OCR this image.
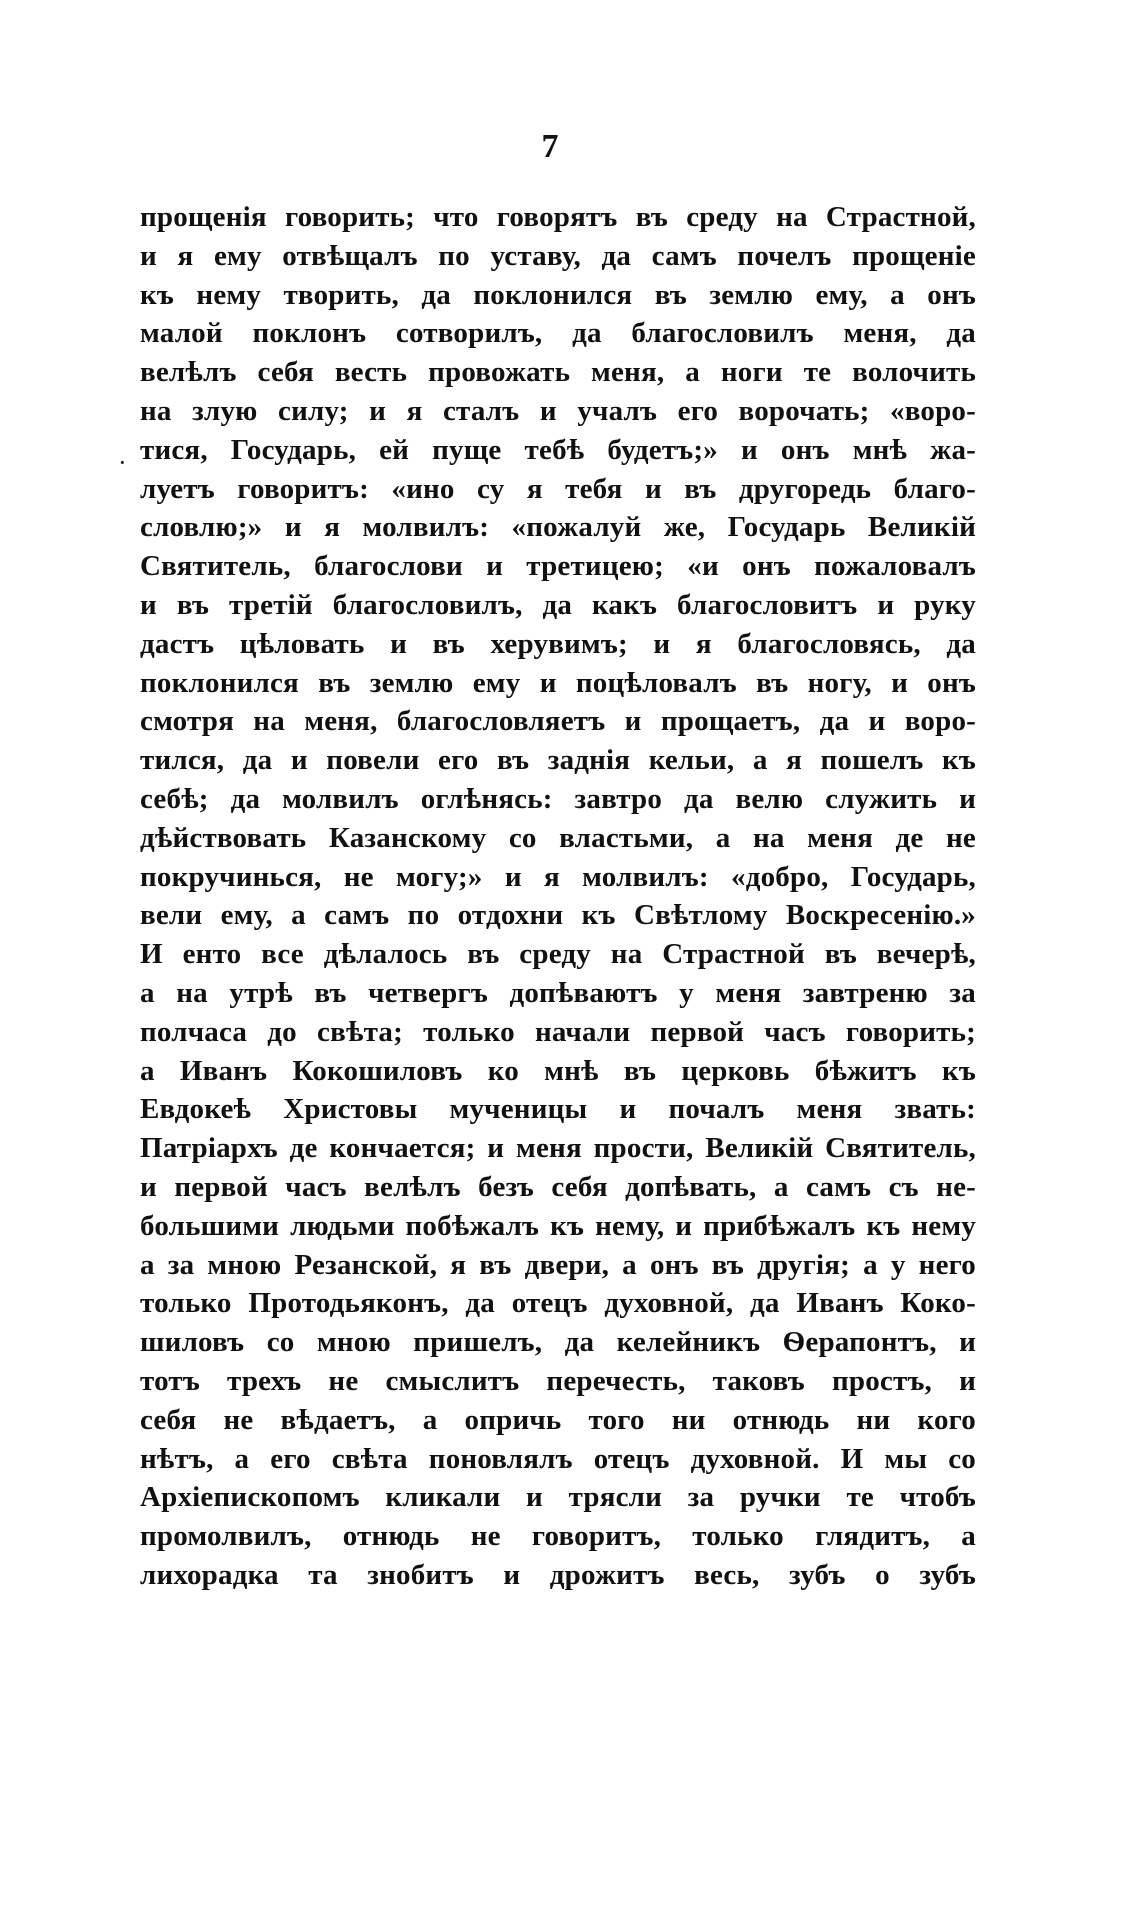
7
·
прощенія говорить; что говорятъ въ среду на Страстной,
и я ему отвѣщалъ по уставу, да самъ почелъ прощеніе
къ нему творить, да поклонился въ землю ему, а онъ
малой поклонъ сотворилъ, да благословилъ меня, да
велѣлъ себя весть провожать меня, а ноги те волочить
на злую силу; и я сталъ и учалъ его ворочать; «воро-
тися, Государь, ей пуще тебѣ будетъ;» и онъ мнѣ жа-
луетъ говоритъ: «ино су я тебя и въ другоредь благо-
словлю;» и я молвилъ: «пожалуй же, Государь Великій
Святитель, благослови и третицею; «и онъ пожаловалъ
и въ третій благословилъ, да какъ благословитъ и руку
дастъ цѣловать и въ херувимъ; и я благословясь, да
поклонился въ землю ему и поцѣловалъ въ ногу, и онъ
смотря на меня, благословляетъ и прощаетъ, да и воро-
тился, да и повели его въ заднія кельи, а я пошелъ къ
себѣ; да молвилъ оглѣнясь: завтро да велю служить и
дѣйствовать Казанскому со властьми, а на меня де не
покручинься, не могу;» и я молвилъ: «добро, Государь,
вели ему, а самъ по отдохни къ Свѣтлому Воскресенію.»
И енто все дѣлалось въ среду на Страстной въ вечерѣ,
а на утрѣ въ четвергъ допѣваютъ у меня завтреню за
полчаса до свѣта; только начали первой часъ говорить;
а Иванъ Кокошиловъ ко мнѣ въ церковь бѣжитъ къ
Евдокеѣ Христовы мученицы и почалъ меня звать:
Патріархъ де кончается; и меня прости, Великій Святитель,
и первой часъ велѣлъ безъ себя допѣвать, а самъ съ не-
большими людьми побѣжалъ къ нему, и прибѣжалъ къ нему
а за мною Резанской, я въ двери, а онъ въ другія; а у него
только Протодьяконъ, да отецъ духовной, да Иванъ Коко-
шиловъ со мною пришелъ, да келейникъ Ѳерапонтъ, и
тотъ трехъ не смыслитъ перечесть, таковъ простъ, и
себя не вѣдаетъ, а опричь того ни отнюдь ни кого
нѣтъ, а его свѣта поновлялъ отецъ духовной. И мы со
Архіепископомъ кликали и трясли за ручки те чтобъ
промолвилъ, отнюдь не говоритъ, только глядитъ, а
лихорадка та знобитъ и дрожитъ весь, зубъ о зубъ
